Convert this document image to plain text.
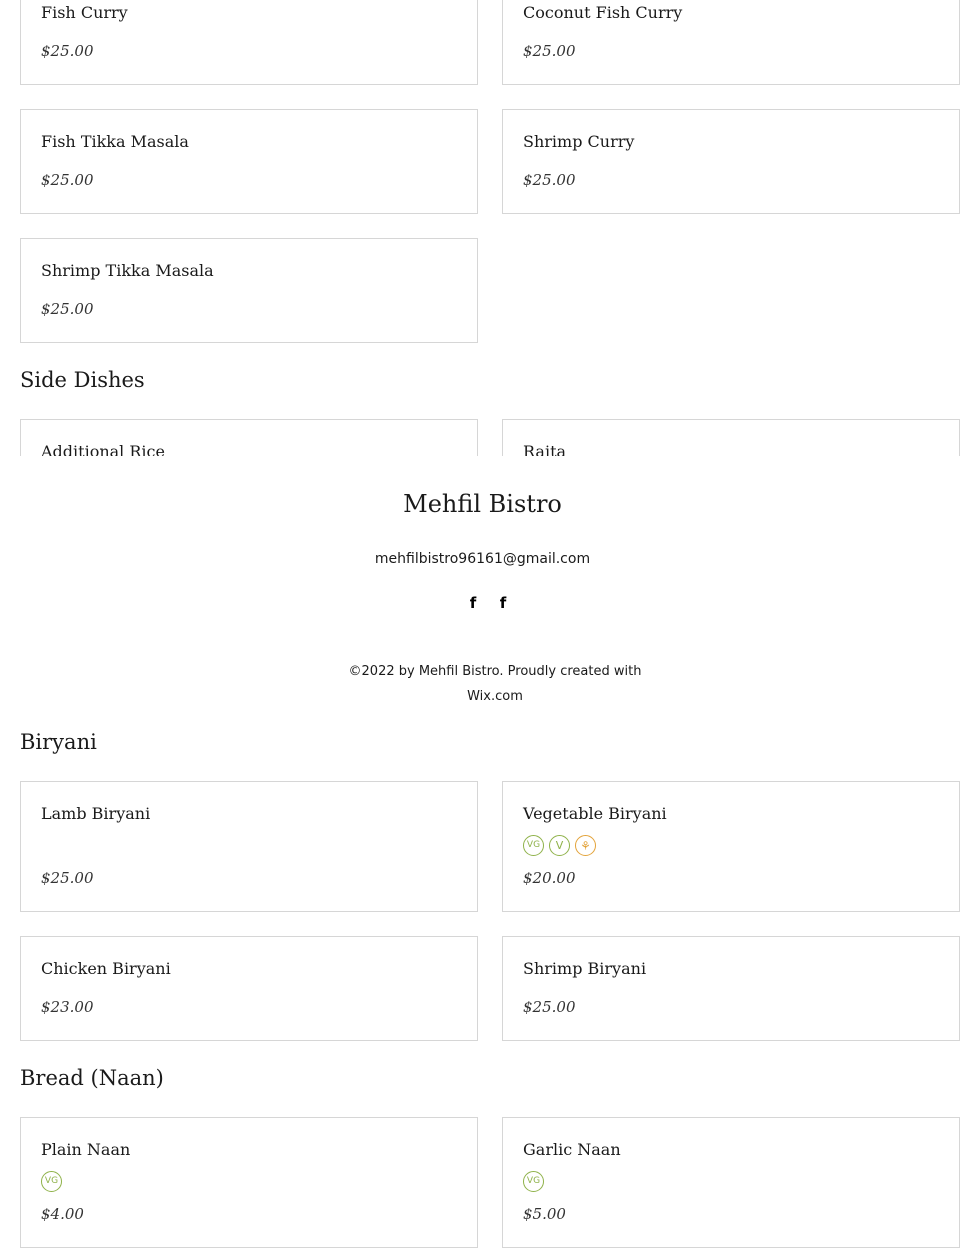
Fish Curry
$25.00
Coconut Fish Curry
$25.00
Fish Tikka Masala
$25.00
Shrimp Curry
$25.00
Shrimp Tikka Masala
$25.00
Side Dishes
Additional Rice	Raita
Mehfil Bistro
mehfilbistro96161@gmail.com
f	f
©2022 by Mehfil Bistro. Proudly created with
Wix.com
Biryani
Lamb Biryani
$25.00
Vegetable Biryani
VG	V	⚘
$20.00
Chicken Biryani
$23.00
Shrimp Biryani
$25.00
Bread (Naan)
Plain Naan
VG
$4.00
Garlic Naan
VG
$5.00
